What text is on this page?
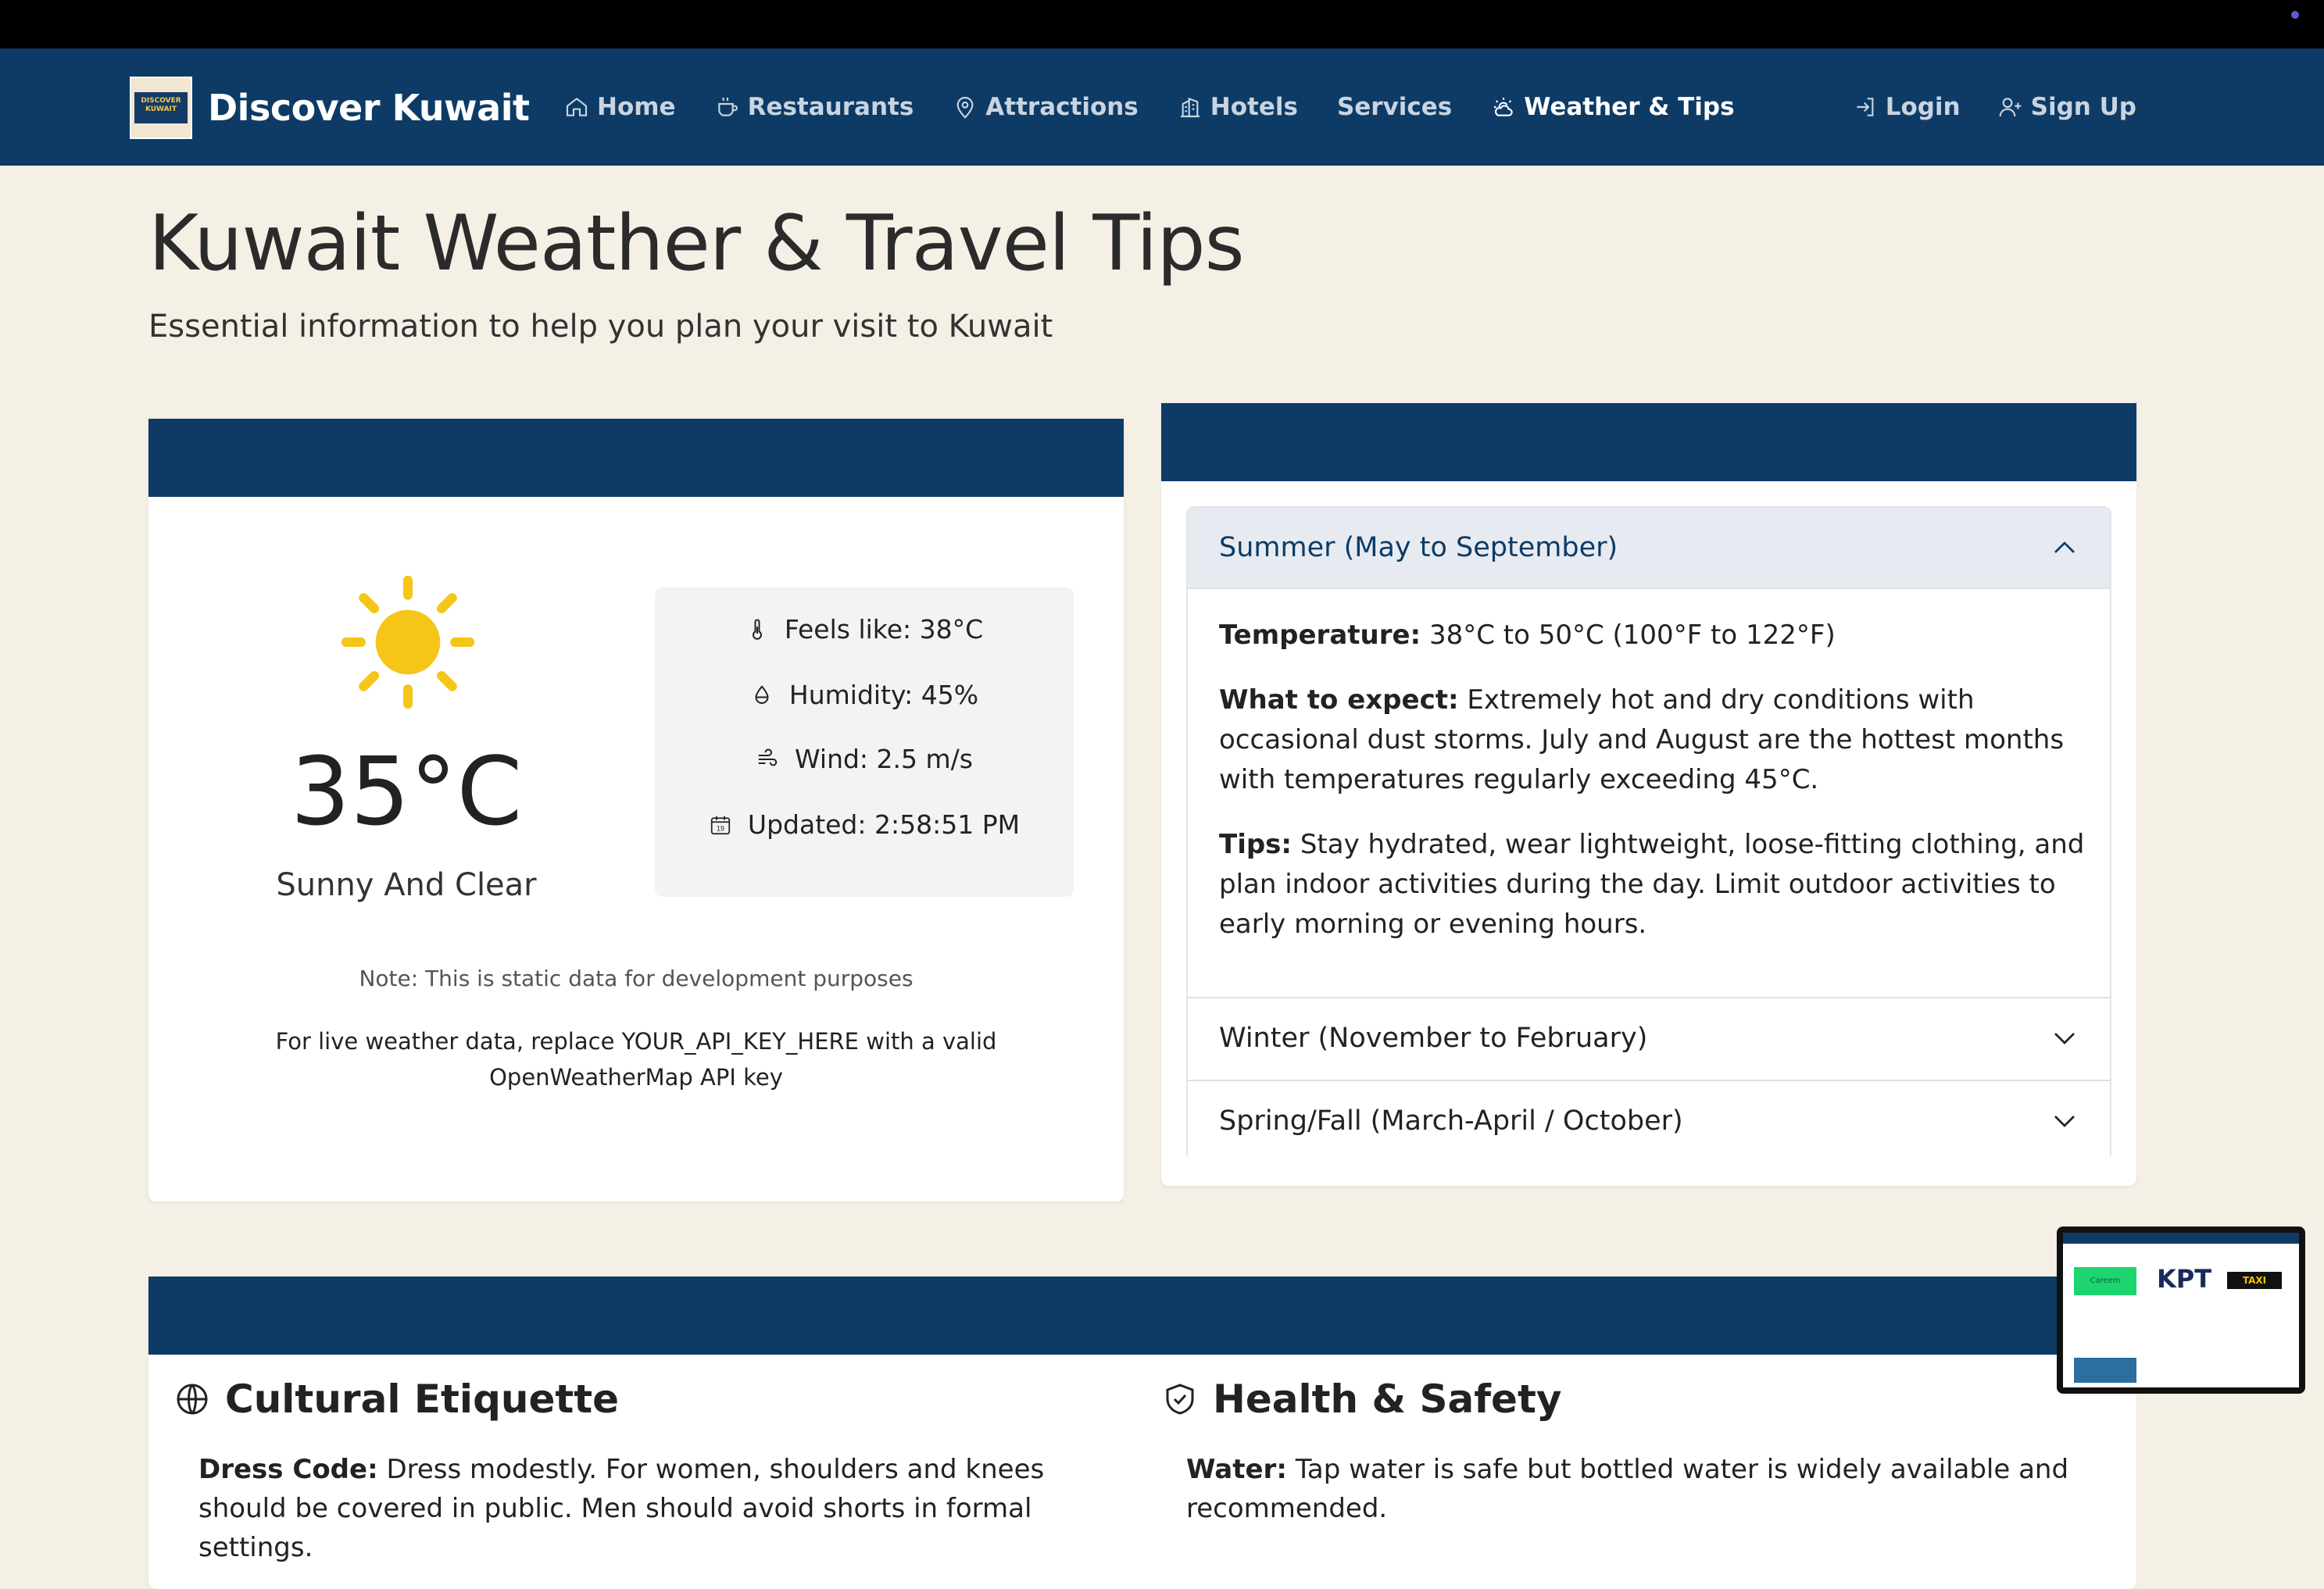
DISCOVER
KUWAIT Discover Kuwait	Home	Restaurants	Attractions	Hotels Services	Weather & Tips	Login	Sign Up
Kuwait Weather & Travel Tips

Essential information to help you plan your visit to Kuwait

35°C
Sunny And Clear
Feels like: 38°C
Humidity: 45%
Wind: 2.5 m/s
19 Updated: 2:58:51 PM
Note: This is static data for development purposes
For live weather data, replace YOUR_API_KEY_HERE with a valid OpenWeatherMap API key
Summer (May to September)

Temperature: 38°C to 50°C (100°F to 122°F)

What to expect: Extremely hot and dry conditions with occasional dust storms. July and August are the hottest months with temperatures regularly exceeding 45°C.

Tips: Stay hydrated, wear lightweight, loose-fitting clothing, and plan indoor activities during the day. Limit outdoor activities to early morning or evening hours.

Winter (November to February)
Spring/Fall (March-April / October)
Cultural Etiquette
Dress Code: Dress modestly. For women, shoulders and knees should be covered in public. Men should avoid shorts in formal settings.
Health & Safety
Water: Tap water is safe but bottled water is widely available and recommended.
Careem	KPT	TAXI
